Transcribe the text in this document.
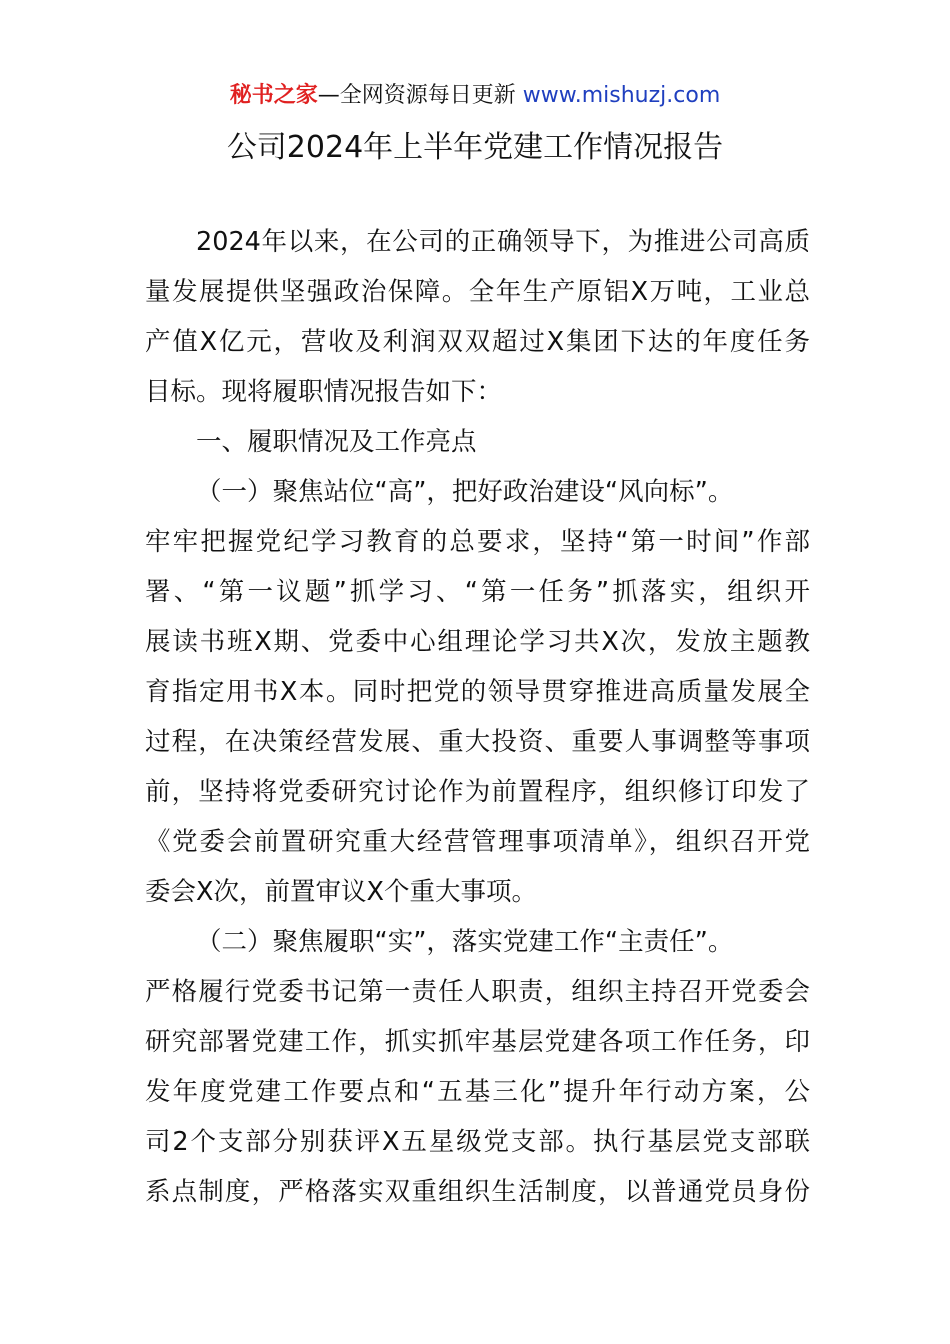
秘书之家—全网资源每日更新 www.mishuzj.com
公司2024年上半年党建工作情况报告
2024年以来，在公司的正确领导下，为推进公司高质
量发展提供坚强政治保障。全年生产原铝X万吨，工业总
产值X亿元，营收及利润双双超过X集团下达的年度任务
目标。现将履职情况报告如下：
一、履职情况及工作亮点
（一）聚焦站位“高”，把好政治建设“风向标”。
牢牢把握党纪学习教育的总要求，坚持“第一时间”作部
署、“第一议题”抓学习、“第一任务”抓落实，组织开
展读书班X期、党委中心组理论学习共X次，发放主题教
育指定用书X本。同时把党的领导贯穿推进高质量发展全
过程，在决策经营发展、重大投资、重要人事调整等事项
前，坚持将党委研究讨论作为前置程序，组织修订印发了
《党委会前置研究重大经营管理事项清单》，组织召开党
委会X次，前置审议X个重大事项。
（二）聚焦履职“实”，落实党建工作“主责任”。
严格履行党委书记第一责任人职责，组织主持召开党委会
研究部署党建工作，抓实抓牢基层党建各项工作任务，印
发年度党建工作要点和“五基三化”提升年行动方案，公
司2个支部分别获评X五星级党支部。执行基层党支部联
系点制度，严格落实双重组织生活制度，以普通党员身份
